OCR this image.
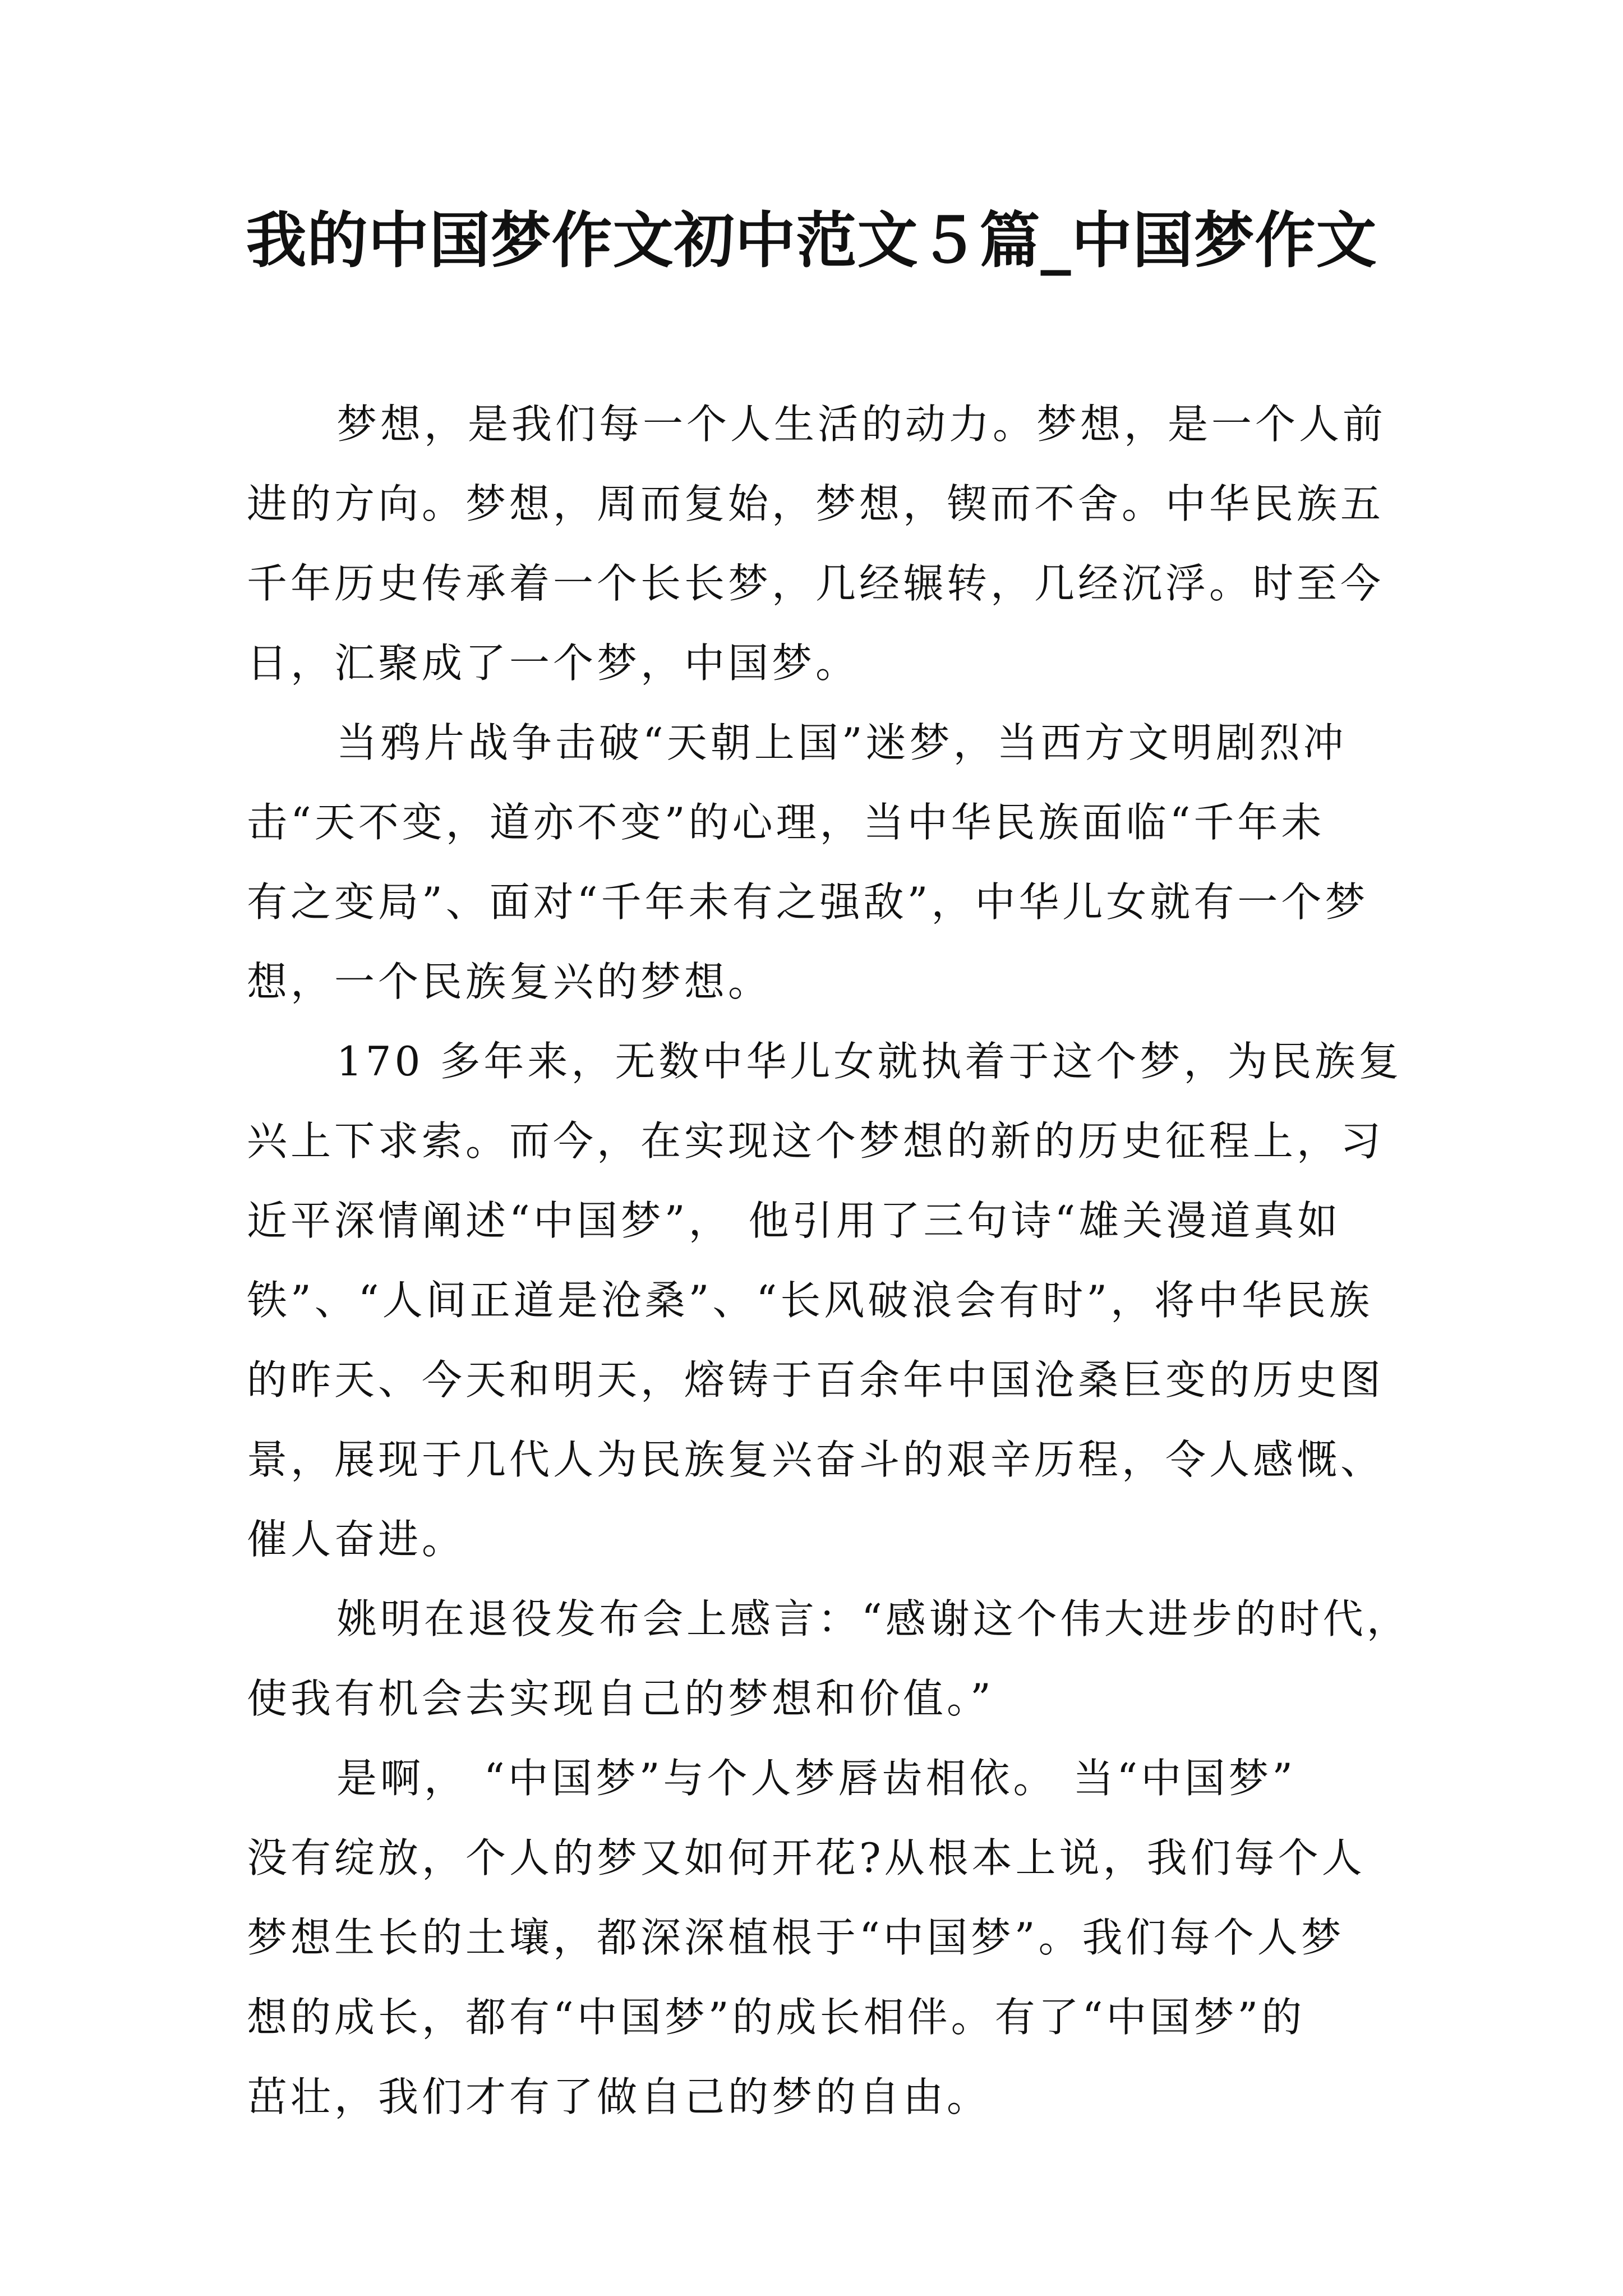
我的中国梦作文初中范文５篇_中国梦作文
梦想，是我们每一个人生活的动力。梦想，是一个人前
进的方向。梦想，周而复始，梦想，锲而不舍。中华民族五
千年历史传承着一个长长梦，几经辗转，几经沉浮。时至今
日，汇聚成了一个梦，中国梦。
当鸦片战争击破“天朝上国”迷梦，当西方文明剧烈冲
击“天不变，道亦不变”的心理，当中华民族面临“千年未
有之变局”、面对“千年未有之强敌”，中华儿女就有一个梦
想，一个民族复兴的梦想。
170 多年来，无数中华儿女就执着于这个梦，为民族复
兴上下求索。而今，在实现这个梦想的新的历史征程上，习
近平深情阐述“中国梦”， 他引用了三句诗“雄关漫道真如
铁”、“人间正道是沧桑”、“长风破浪会有时”，将中华民族
的昨天、今天和明天，熔铸于百余年中国沧桑巨变的历史图
景，展现于几代人为民族复兴奋斗的艰辛历程，令人感慨、
催人奋进。
姚明在退役发布会上感言：“感谢这个伟大进步的时代，
使我有机会去实现自己的梦想和价值。”
是啊， “中国梦”与个人梦唇齿相依。 当“中国梦”
没有绽放，个人的梦又如何开花?从根本上说，我们每个人
梦想生长的土壤，都深深植根于“中国梦”。我们每个人梦
想的成长，都有“中国梦”的成长相伴。有了“中国梦”的
茁壮，我们才有了做自己的梦的自由。
